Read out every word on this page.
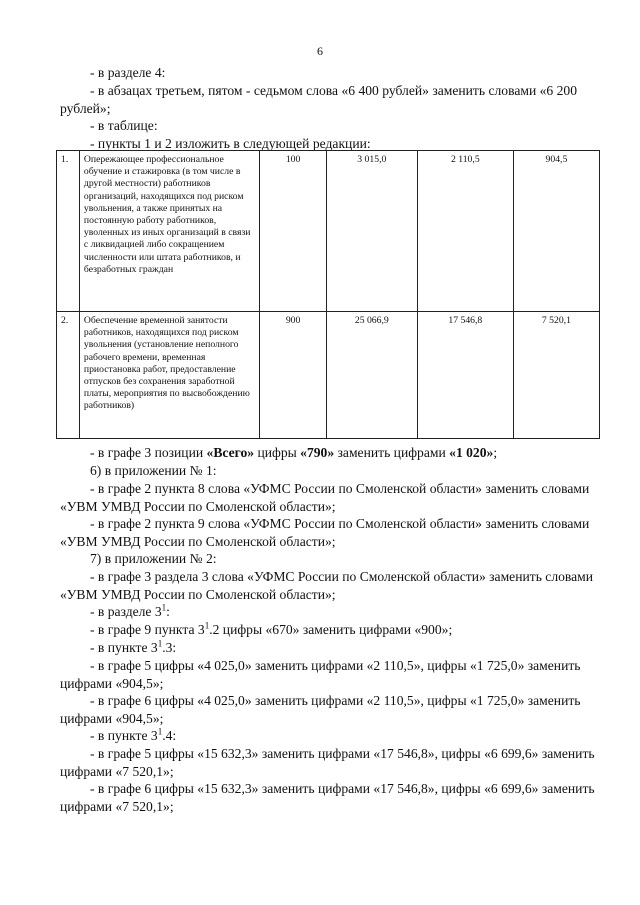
6

- в разделе 4:

- в абзацах третьем, пятом - седьмом слова «6 400 рублей» заменить словами «6 200 рублей»;

- в таблице:

- пункты 1 и 2 изложить в следующей редакции:

1.	Опережающее профессиональное обучение и стажировка (в том числе в другой местности) работников организаций, находящихся под риском увольнения, а также принятых на постоянную работу работников, уволенных из иных организаций в связи с ликвидацией либо сокращением численности или штата работников, и безработных граждан	100	3 015,0	2 110,5	904,5
2.	Обеспечение временной занятости работников, находящихся под риском увольнения (установление неполного рабочего времени, временная приостановка работ, предоставление отпусков без сохранения заработной платы, мероприятия по высвобождению работников)	900	25 066,9	17 546,8	7 520,1

- в графе 3 позиции «Всего» цифры «790» заменить цифрами «1 020»;

6) в приложении № 1:

- в графе 2 пункта 8 слова «УФМС России по Смоленской области» заменить словами «УВМ УМВД России по Смоленской области»;

- в графе 2 пункта 9 слова «УФМС России по Смоленской области» заменить словами «УВМ УМВД России по Смоленской области»;

7) в приложении № 2:

- в графе 3 раздела 3 слова «УФМС России по Смоленской области» заменить словами «УВМ УМВД России по Смоленской области»;

- в разделе $3^1$:

- в графе 9 пункта $3^1.2$ цифры «670» заменить цифрами «900»;

- в пункте $3^1.3$:

- в графе 5 цифры «4 025,0» заменить цифрами «2 110,5», цифры «1 725,0» заменить цифрами «904,5»;

- в графе 6 цифры «4 025,0» заменить цифрами «2 110,5», цифры «1 725,0» заменить цифрами «904,5»;

- в пункте $3^1.4$:

- в графе 5 цифры «15 632,3» заменить цифрами «17 546,8», цифры «6 699,6» заменить цифрами «7 520,1»;

- в графе 6 цифры «15 632,3» заменить цифрами «17 546,8», цифры «6 699,6» заменить цифрами «7 520,1»;
